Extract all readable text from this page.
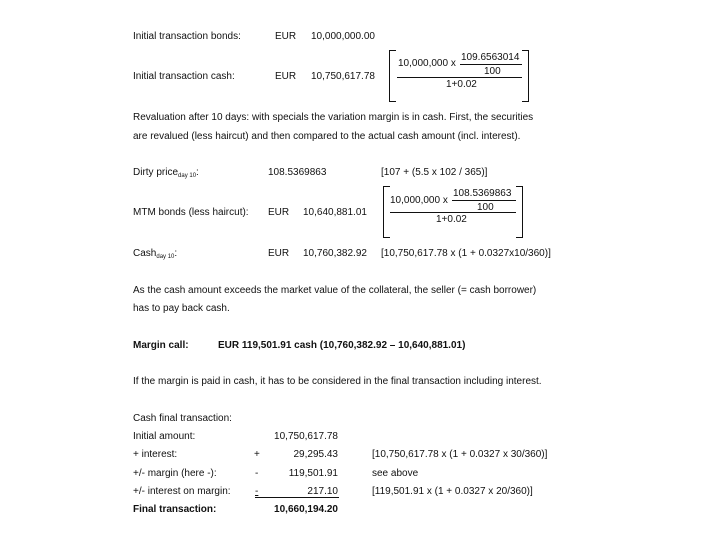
Initial transaction bonds:	EUR 10,000,000.00
Initial transaction cash:	EUR 10,750,617.78
10,000,000 x
109.6563014
100
1+0.02
Revaluation after 10 days: with specials the variation margin is in cash. First, the securities
are revalued (less haircut) and then compared to the actual cash amount (incl. interest).
Dirty price$_{day 10}$:	108.5369863	[107 + (5.5 x 102 / 365)]
MTM bonds (less haircut): EUR 10,640,881.01
10,000,000 x
108.5369863
100
1+0.02
Cash$_{day 10}$:	EUR 10,760,382.92 [10,750,617.78 x (1 + 0.0327x10/360)]
As the cash amount exceeds the market value of the collateral, the seller (= cash borrower)
has to pay back cash.
Margin call:	EUR 119,501.91 cash (10,760,382.92 – 10,640,881.01)
If the margin is paid in cash, it has to be considered in the final transaction including interest.
Cash final transaction:
Initial amount:	10,750,617.78
+ interest:	+	29,295.43	[10,750,617.78 x (1 + 0.0327 x 30/360)]
+/- margin (here -):	-	119,501.91	see above
+/- interest on margin: -	217.10	[119,501.91 x (1 + 0.0327 x 20/360)]
Final transaction:	10,660,194.20
